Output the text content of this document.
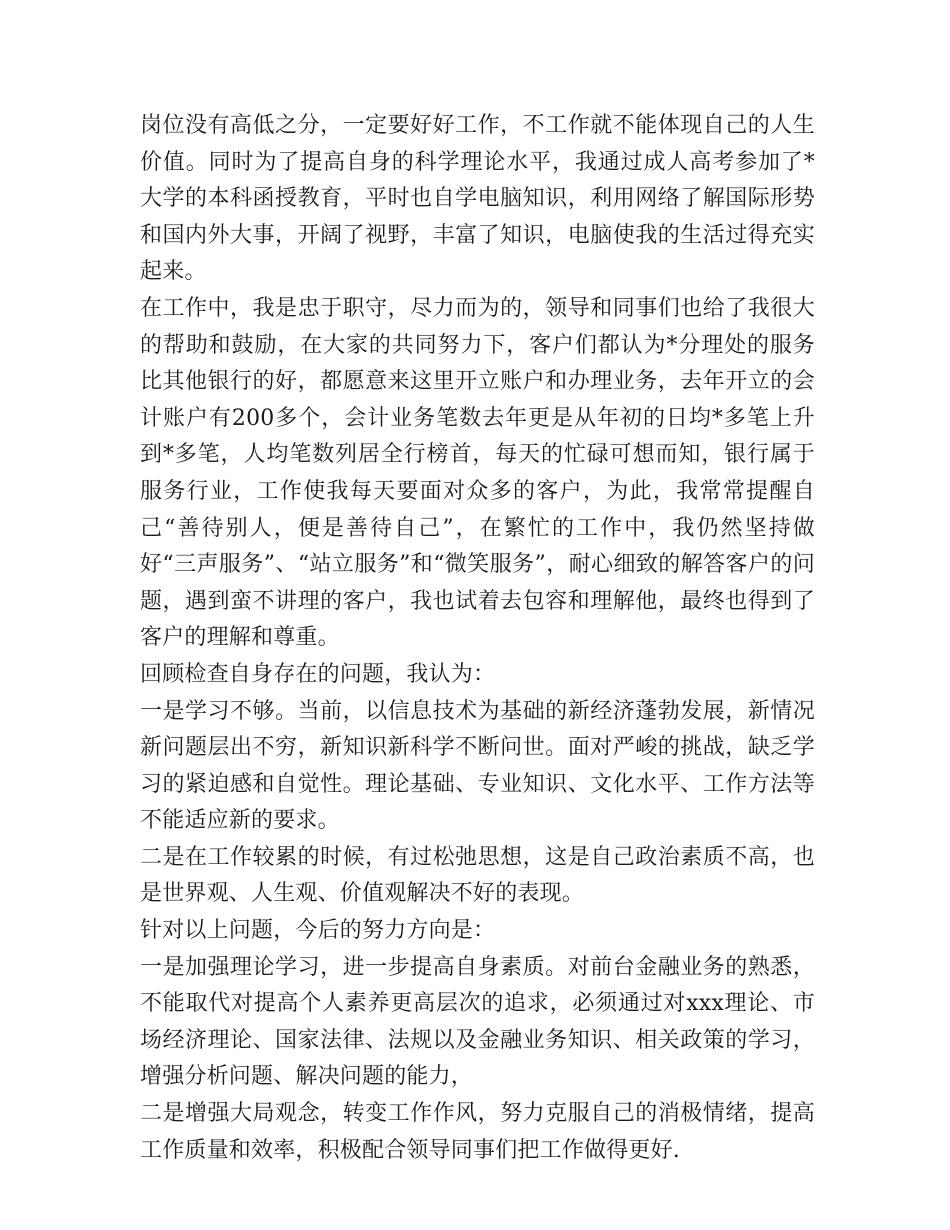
岗位没有高低之分，一定要好好工作，不工作就不能体现自己的人生价值。同时为了提高自身的科学理论水平，我通过成人高考参加了*大学的本科函授教育，平时也自学电脑知识，利用网络了解国际形势和国内外大事，开阔了视野，丰富了知识，电脑使我的生活过得充实起来。

在工作中，我是忠于职守，尽力而为的，领导和同事们也给了我很大的帮助和鼓励，在大家的共同努力下，客户们都认为*分理处的服务比其他银行的好，都愿意来这里开立账户和办理业务，去年开立的会计账户有200多个，会计业务笔数去年更是从年初的日均*多笔上升到*多笔，人均笔数列居全行榜首，每天的忙碌可想而知，银行属于服务行业，工作使我每天要面对众多的客户，为此，我常常提醒自己“善待别人，便是善待自己”，在繁忙的工作中，我仍然坚持做好“三声服务”、“站立服务”和“微笑服务”，耐心细致的解答客户的问题，遇到蛮不讲理的客户，我也试着去包容和理解他，最终也得到了客户的理解和尊重。

回顾检查自身存在的问题，我认为：

一是学习不够。当前，以信息技术为基础的新经济蓬勃发展，新情况新问题层出不穷，新知识新科学不断问世。面对严峻的挑战，缺乏学习的紧迫感和自觉性。理论基础、专业知识、文化水平、工作方法等不能适应新的要求。

二是在工作较累的时候，有过松弛思想，这是自己政治素质不高，也是世界观、人生观、价值观解决不好的表现。

针对以上问题，今后的努力方向是：

一是加强理论学习，进一步提高自身素质。对前台金融业务的熟悉，不能取代对提高个人素养更高层次的追求，必须通过对xxx理论、市场经济理论、国家法律、法规以及金融业务知识、相关政策的学习，增强分析问题、解决问题的能力，

二是增强大局观念，转变工作作风，努力克服自己的消极情绪，提高工作质量和效率，积极配合领导同事们把工作做得更好.
